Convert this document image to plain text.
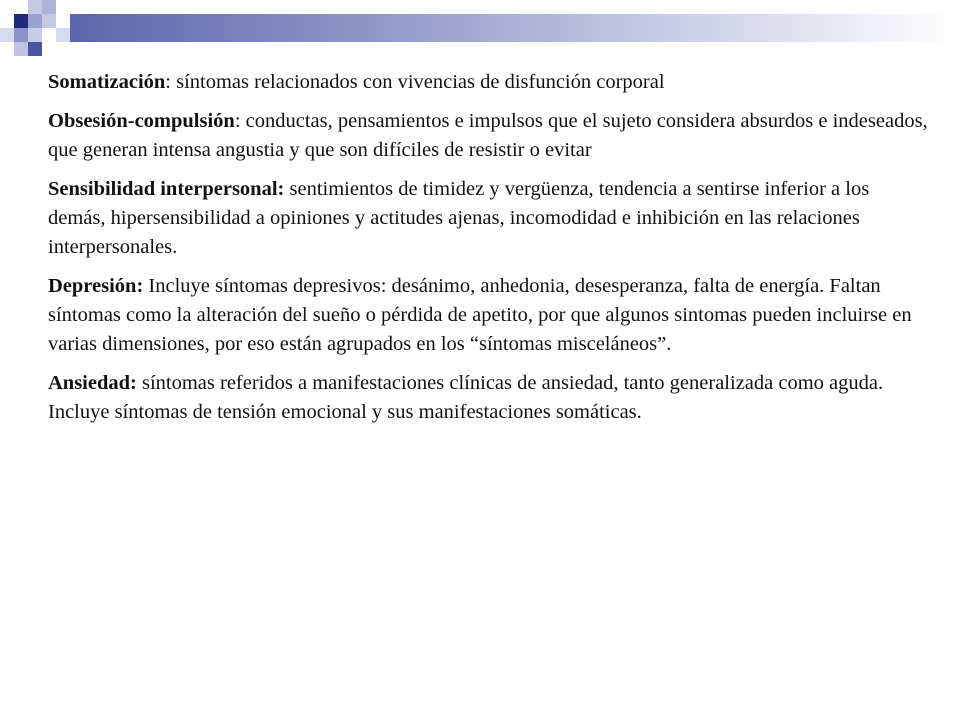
Somatización: síntomas relacionados con vivencias de disfunción corporal

Obsesión-compulsión: conductas, pensamientos e impulsos que el sujeto considera absurdos e indeseados, que generan intensa angustia y que son difíciles de resistir o evitar

Sensibilidad interpersonal: sentimientos de timidez y vergüenza, tendencia a sentirse inferior a los demás, hipersensibilidad a opiniones y actitudes ajenas, incomodidad e inhibición en las relaciones interpersonales.

Depresión: Incluye síntomas depresivos: desánimo, anhedonia, desesperanza, falta de energía. Faltan síntomas como la alteración del sueño o pérdida de apetito, por que algunos sintomas pueden incluirse en varias dimensiones, por eso están agrupados en los “síntomas misceláneos”.

Ansiedad: síntomas referidos a manifestaciones clínicas de ansiedad, tanto generalizada como aguda. Incluye síntomas de tensión emocional y sus manifestaciones somáticas.
